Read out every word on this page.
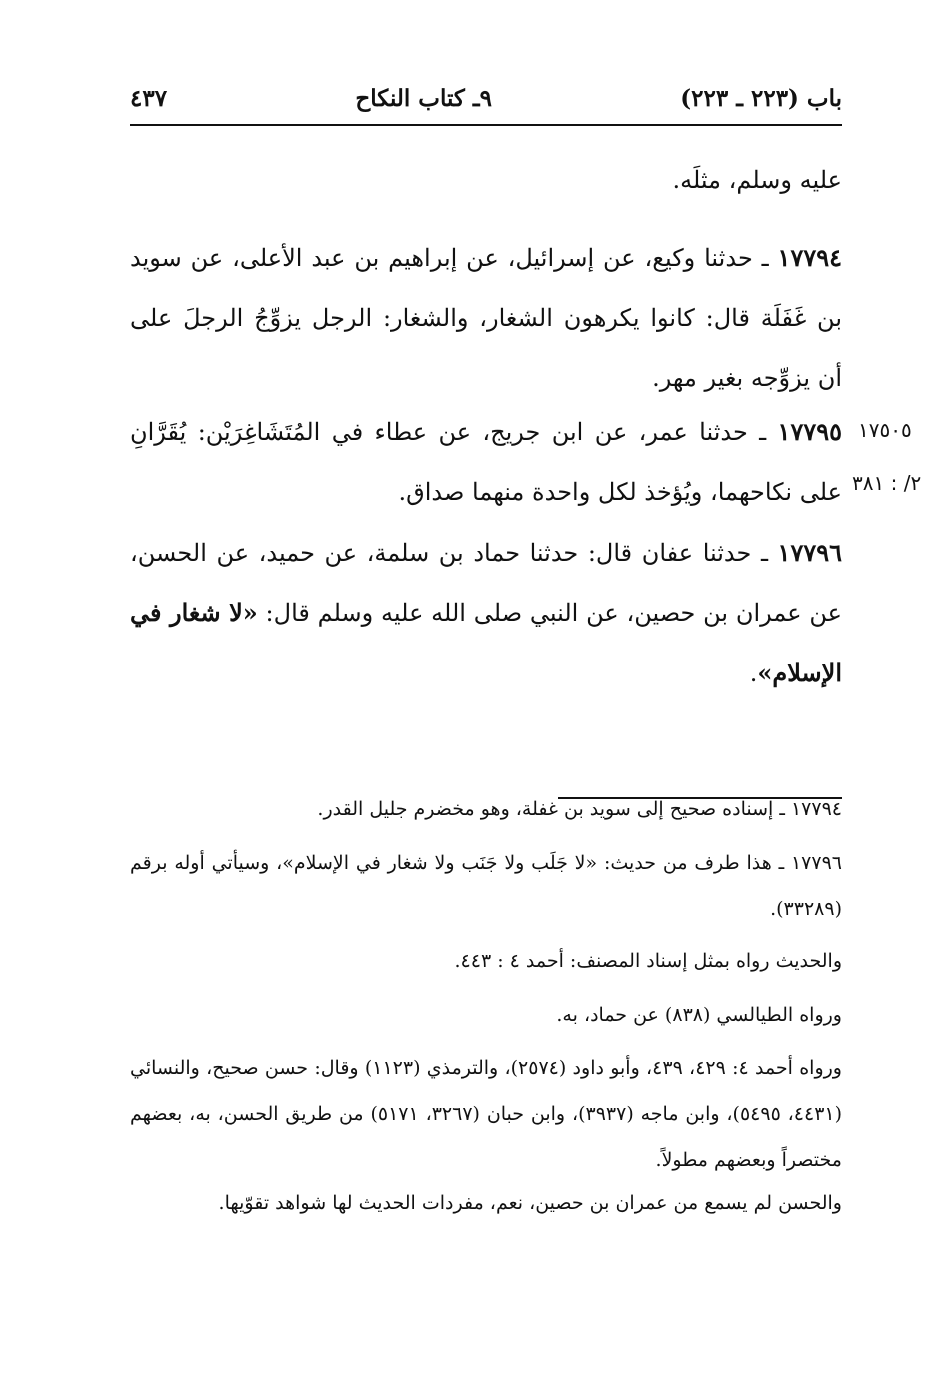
باب (٢٢٣ ـ ٢٢٣)
٩ـ كتاب النكاح
٤٣٧
عليه وسلم، مثلَه.
١٧٧٩٤ ـ حدثنا وكيع، عن إسرائيل، عن إبراهيم بن عبد الأعلى، عن سويد بن غَفَلَة قال: كانوا يكرهون الشغار، والشغار: الرجل يزوِّجُ الرجلَ على أن يزوِّجه بغير مهر.
١٧٧٩٥ ـ حدثنا عمر، عن ابن جريج، عن عطاء في المُتَشَاغِرَيْن: يُقَرَّانِ على نكاحهما، ويُؤخذ لكل واحدة منهما صداق.
١٧٥٠٥
٢/ : ٣٨١
١٧٧٩٦ ـ حدثنا عفان قال: حدثنا حماد بن سلمة، عن حميد، عن الحسن، عن عمران بن حصين، عن النبي صلى الله عليه وسلم قال: «لا شغار في الإسلام».
١٧٧٩٤ ـ إسناده صحيح إلى سويد بن غفلة، وهو مخضرم جليل القدر.
١٧٧٩٦ ـ هذا طرف من حديث: «لا جَلَب ولا جَنَب ولا شغار في الإسلام»، وسيأتي أوله برقم (٣٣٢٨٩).
والحديث رواه بمثل إسناد المصنف: أحمد ٤ : ٤٤٣.
ورواه الطيالسي (٨٣٨) عن حماد، به.
ورواه أحمد ٤: ٤٢٩، ٤٣٩، وأبو داود (٢٥٧٤)، والترمذي (١١٢٣) وقال: حسن صحيح، والنسائي (٤٤٣١، ٥٤٩٥)، وابن ماجه (٣٩٣٧)، وابن حبان (٣٢٦٧، ٥١٧١) من طريق الحسن، به، بعضهم مختصراً وبعضهم مطولاً.
والحسن لم يسمع من عمران بن حصين، نعم، مفردات الحديث لها شواهد تقوّيها.
